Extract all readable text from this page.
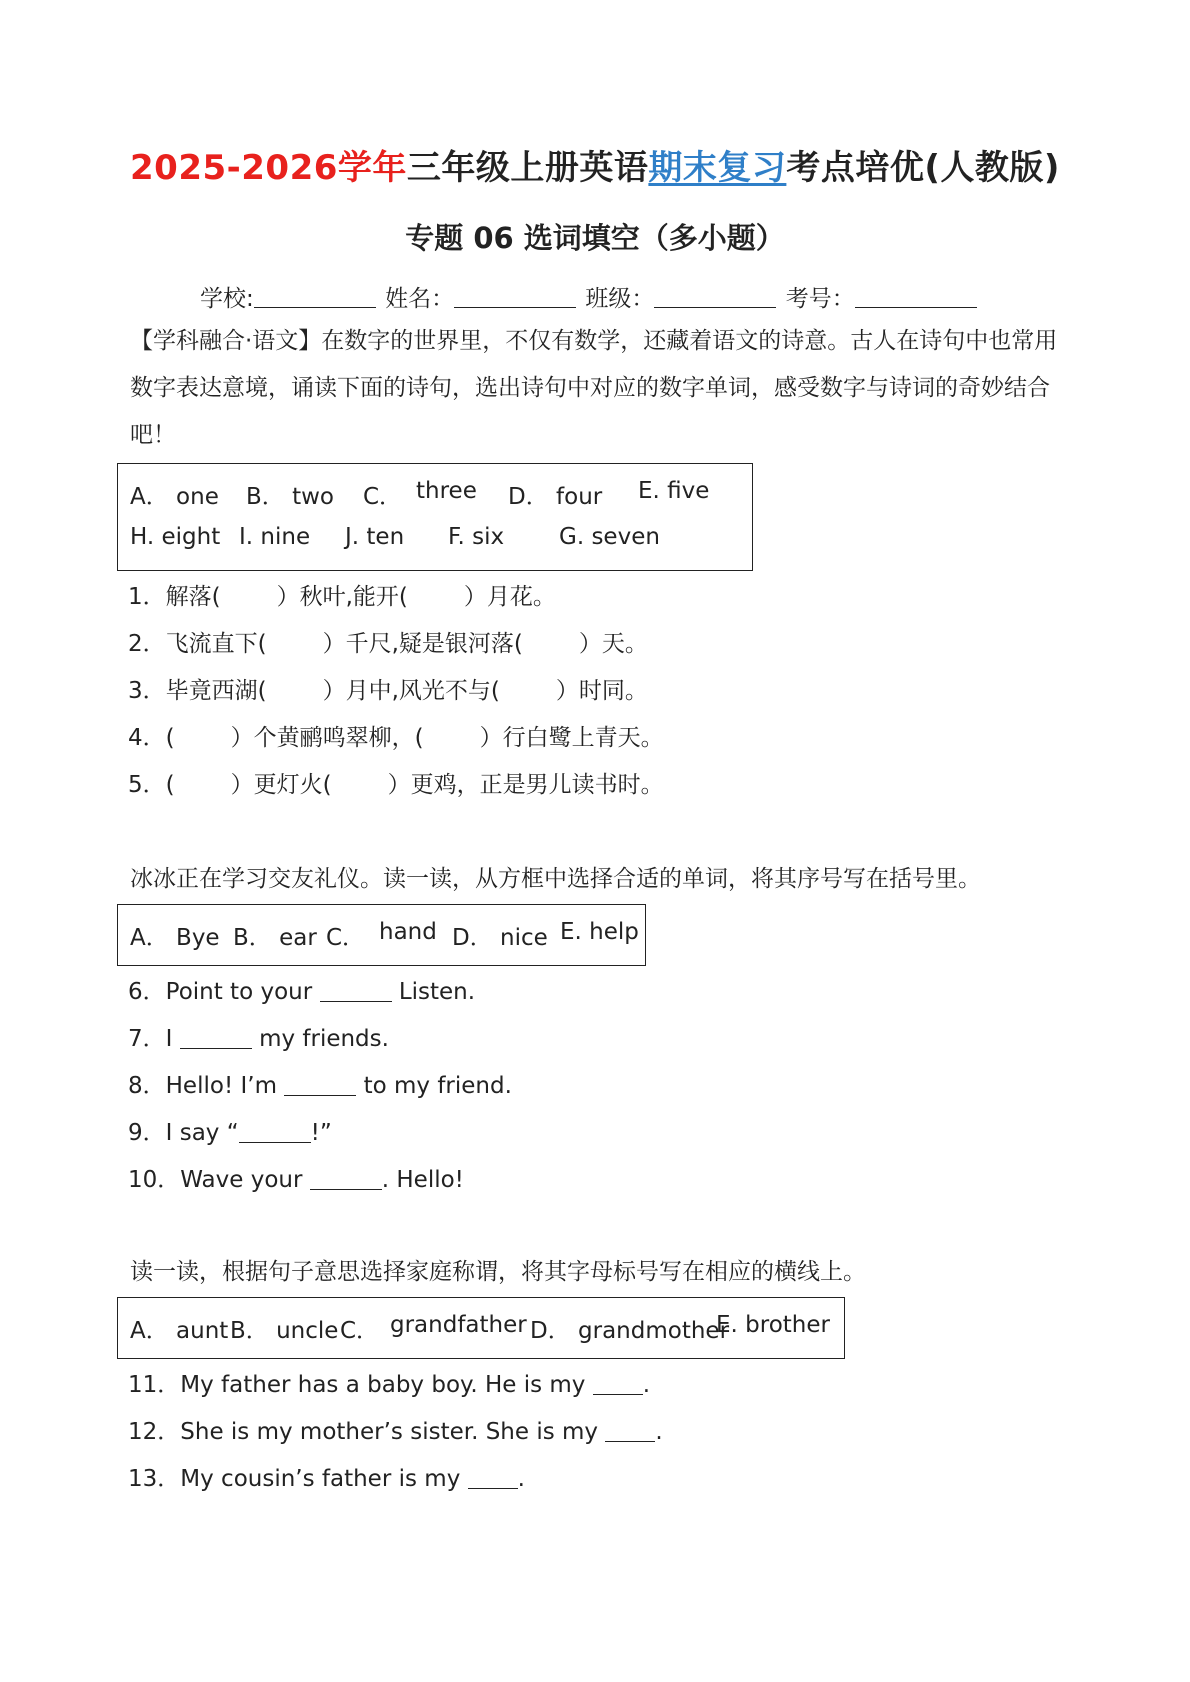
2025-2026学年三年级上册英语期末复习考点培优(人教版)
专题 06 选词填空（多小题）
学校:	姓名：	班级：	考号：
【学科融合·语文】在数字的世界里，不仅有数学，还藏着语文的诗意。古人在诗句中也常用数字表达意境，诵读下面的诗句，选出诗句中对应的数字单词，感受数字与诗词的奇妙结合吧！
A． one B． two C． three D． four E. five
H. eight I. nine J. ten F. six G. seven
1．解落( ）秋叶,能开( ）月花。
2．飞流直下( ）千尺,疑是银河落( ）天。
3．毕竟西湖( ）月中,风光不与( ）时同。
4．( ）个黄鹂鸣翠柳，( ）行白鹭上青天。
5．( ）更灯火( ）更鸡，正是男儿读书时。
冰冰正在学习交友礼仪。读一读，从方框中选择合适的单词，将其序号写在括号里。
A． Bye B． ear C． hand D． nice E. help
6．Point to your	Listen.
7．I	my friends.
8．Hello! I’m	to my friend.
9．I say “	!”
10．Wave your	. Hello!
读一读，根据句子意思选择家庭称谓，将其字母标号写在相应的横线上。
A． aunt B． uncle C． grandfather D． grandmother
E. brother
11．My father has a baby boy. He is my .
12．She is my mother’s sister. She is my .
13．My cousin’s father is my .
